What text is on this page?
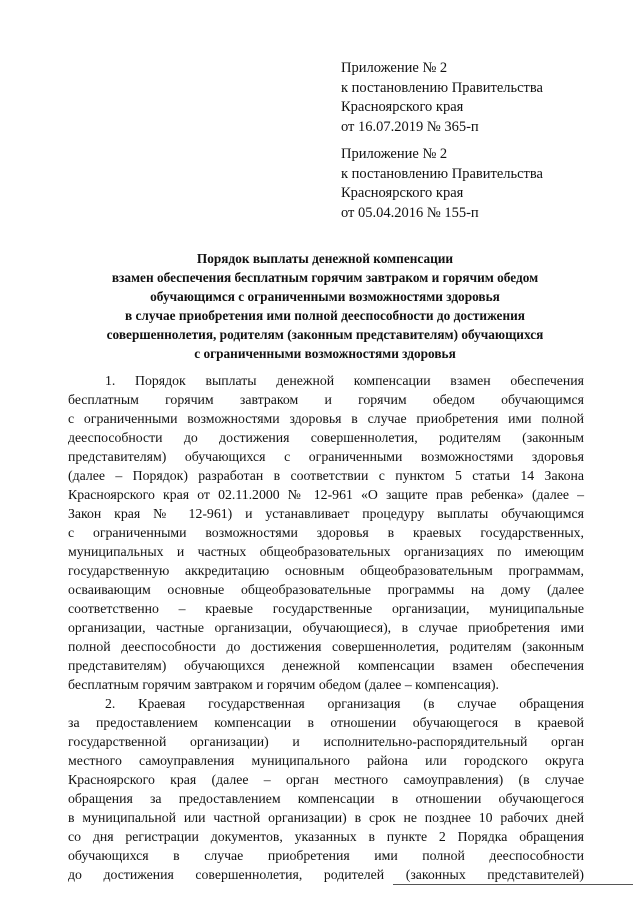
Приложение № 2
к постановлению Правительства
Красноярского края
от 16.07.2019 № 365-п
Приложение № 2
к постановлению Правительства
Красноярского края
от 05.04.2016 № 155-п
Порядок выплаты денежной компенсации
взамен обеспечения бесплатным горячим завтраком и горячим обедом
обучающимся с ограниченными возможностями здоровья
в случае приобретения ими полной дееспособности до достижения
совершеннолетия, родителям (законным представителям) обучающихся
с ограниченными возможностями здоровья
1. Порядок выплаты денежной компенсации взамен обеспечения
бесплатным горячим завтраком и горячим обедом обучающимся
с ограниченными возможностями здоровья в случае приобретения ими полной
дееспособности до достижения совершеннолетия, родителям (законным
представителям) обучающихся с ограниченными возможностями здоровья
(далее – Порядок) разработан в соответствии с пунктом 5 статьи 14 Закона
Красноярского края от 02.11.2000 № 12-961 «О защите прав ребенка» (далее –
Закон края № 12-961) и устанавливает процедуру выплаты обучающимся
с ограниченными возможностями здоровья в краевых государственных,
муниципальных и частных общеобразовательных организациях по имеющим
государственную аккредитацию основным общеобразовательным программам,
осваивающим основные общеобразовательные программы на дому (далее
соответственно – краевые государственные организации, муниципальные
организации, частные организации, обучающиеся), в случае приобретения ими
полной дееспособности до достижения совершеннолетия, родителям (законным
представителям) обучающихся денежной компенсации взамен обеспечения
бесплатным горячим завтраком и горячим обедом (далее – компенсация).
2. Краевая государственная организация (в случае обращения
за предоставлением компенсации в отношении обучающегося в краевой
государственной организации) и исполнительно-распорядительный орган
местного самоуправления муниципального района или городского округа
Красноярского края (далее – орган местного самоуправления) (в случае
обращения за предоставлением компенсации в отношении обучающегося
в муниципальной или частной организации) в срок не позднее 10 рабочих дней
со дня регистрации документов, указанных в пункте 2 Порядка обращения
обучающихся в случае приобретения ими полной дееспособности
до достижения совершеннолетия, родителей (законных представителей)
